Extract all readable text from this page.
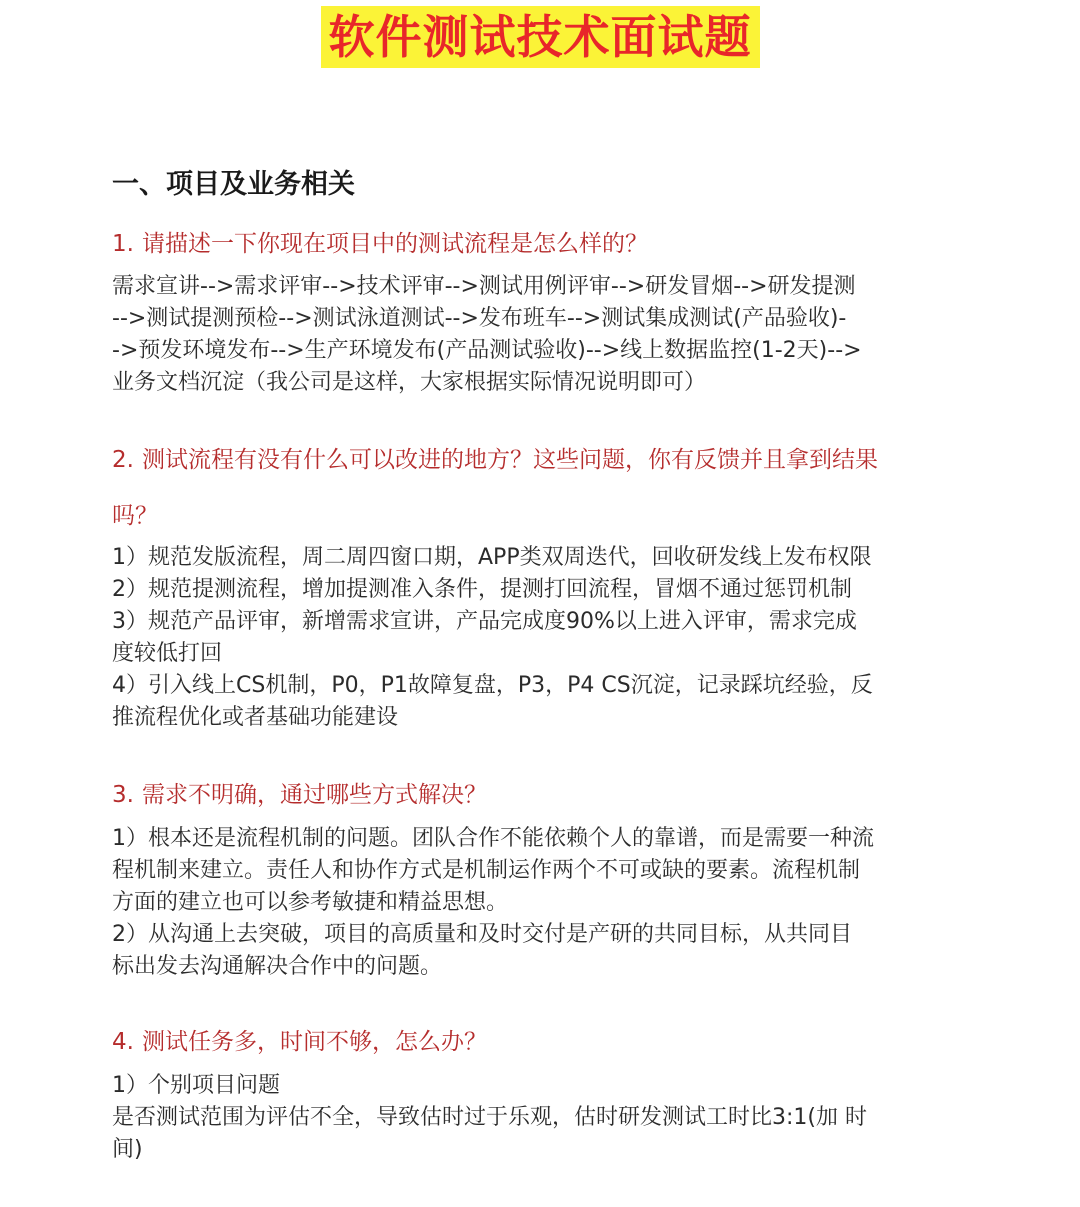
软件测试技术面试题
一、项目及业务相关
1. 请描述一下你现在项目中的测试流程是怎么样的？
需求宣讲-->需求评审-->技术评审-->测试用例评审-->研发冒烟-->研发提测
-->测试提测预检-->测试泳道测试-->发布班车-->测试集成测试(产品验收)-
->预发环境发布-->生产环境发布(产品测试验收)-->线上数据监控(1-2天)-->
业务文档沉淀（我公司是这样，大家根据实际情况说明即可）
2. 测试流程有没有什么可以改进的地方？这些问题，你有反馈并且拿到结果
吗？
1）规范发版流程，周二周四窗口期，APP类双周迭代，回收研发线上发布权限
2）规范提测流程，增加提测准入条件，提测打回流程，冒烟不通过惩罚机制
3）规范产品评审，新增需求宣讲，产品完成度90%以上进入评审，需求完成
度较低打回
4）引入线上CS机制，P0，P1故障复盘，P3，P4 CS沉淀，记录踩坑经验，反
推流程优化或者基础功能建设
3. 需求不明确，通过哪些方式解决？
1）根本还是流程机制的问题。团队合作不能依赖个人的靠谱，而是需要一种流
程机制来建立。责任人和协作方式是机制运作两个不可或缺的要素。流程机制
方面的建立也可以参考敏捷和精益思想。
2）从沟通上去突破，项目的高质量和及时交付是产研的共同目标，从共同目
标出发去沟通解决合作中的问题。
4. 测试任务多，时间不够，怎么办？
1）个别项目问题
是否测试范围为评估不全，导致估时过于乐观，估时研发测试工时比3:1(加 时
间)
